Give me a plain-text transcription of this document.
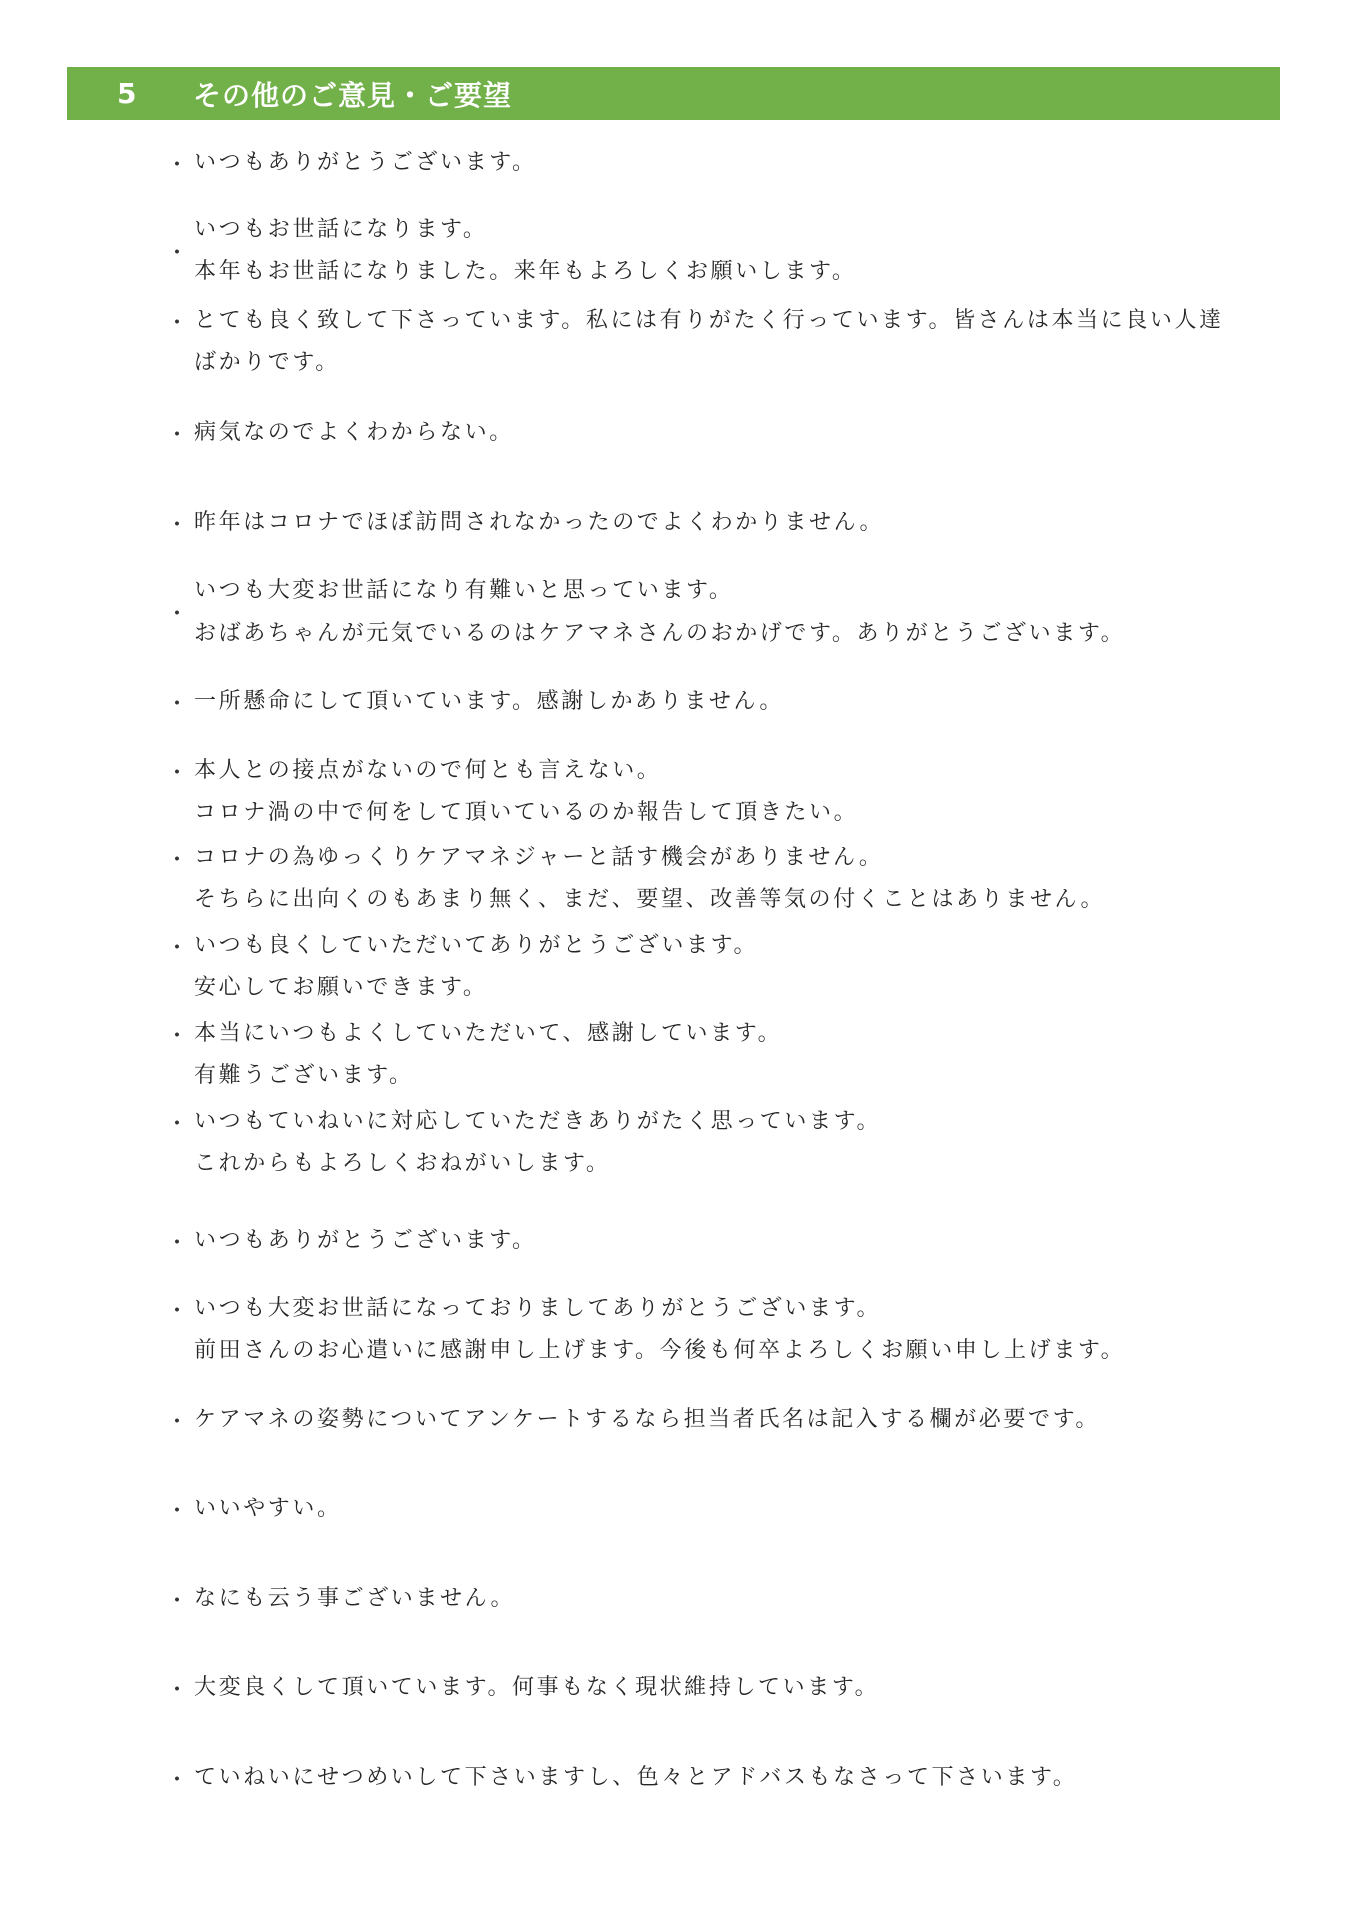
5 その他のご意見・ご要望
・ いつもありがとうございます。
・
いつもお世話になります。
本年もお世話になりました。来年もよろしくお願いします。
・ とても良く致して下さっています。私には有りがたく行っています。皆さんは本当に良い人達
ばかりです。
・ 病気なのでよくわからない。
・ 昨年はコロナでほぼ訪問されなかったのでよくわかりません。
・
いつも大変お世話になり有難いと思っています。
おばあちゃんが元気でいるのはケアマネさんのおかげです。ありがとうございます。
・ 一所懸命にして頂いています。感謝しかありません。
・ 本人との接点がないので何とも言えない。
コロナ渦の中で何をして頂いているのか報告して頂きたい。
・ コロナの為ゆっくりケアマネジャーと話す機会がありません。
そちらに出向くのもあまり無く、まだ、要望、改善等気の付くことはありません。
・ いつも良くしていただいてありがとうございます。
安心してお願いできます。
・ 本当にいつもよくしていただいて、感謝しています。
有難うございます。
・ いつもていねいに対応していただきありがたく思っています。
これからもよろしくおねがいします。
・ いつもありがとうございます。
・ いつも大変お世話になっておりましてありがとうございます。
前田さんのお心遣いに感謝申し上げます。今後も何卒よろしくお願い申し上げます。
・ ケアマネの姿勢についてアンケートするなら担当者氏名は記入する欄が必要です。
・ いいやすい。
・ なにも云う事ございません。
・ 大変良くして頂いています。何事もなく現状維持しています。
・ ていねいにせつめいして下さいますし、色々とアドバスもなさって下さいます。
